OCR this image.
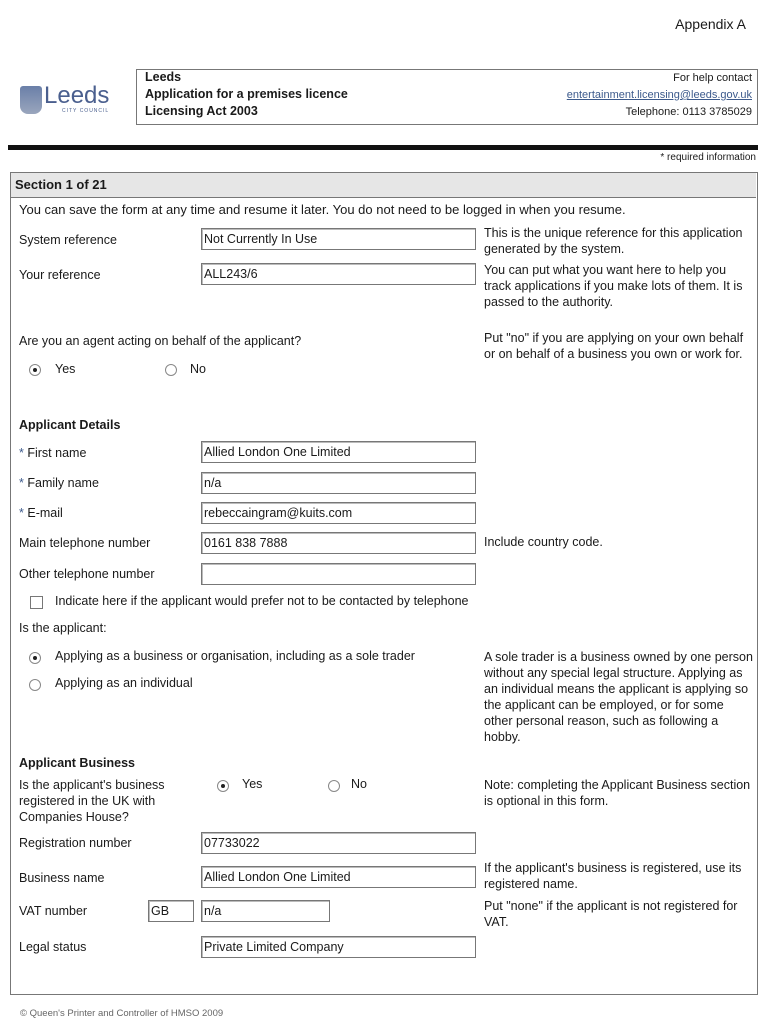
Appendix A
Leeds
CITY COUNCIL
Leeds
Application for a premises licence
Licensing Act 2003
For help contact
entertainment.licensing@leeds.gov.uk
Telephone: 0113 3785029
* required information
Section 1 of 21
You can save the form at any time and resume it later. You do not need to be logged in when you resume.
System reference	Not Currently In Use	This is the unique reference for this application generated by the system.
Your reference	ALL243/6	You can put what you want here to help you track applications if you make lots of them. It is passed to the authority.
Are you an agent acting on behalf of the applicant?	Put "no" if you are applying on your own behalf or on behalf of a business you own or work for.
Yes	No
Applicant Details
* First name	Allied London One Limited
* Family name	n/a
* E-mail	rebeccaingram@kuits.com
Main telephone number	0161 838 7888	Include country code.
Other telephone number
Indicate here if the applicant would prefer not to be contacted by telephone
Is the applicant:
Applying as a business or organisation, including as a sole trader
Applying as an individual
A sole trader is a business owned by one person without any special legal structure. Applying as an individual means the applicant is applying so the applicant can be employed, or for some other personal reason, such as following a hobby.
Applicant Business
Is the applicant's business registered in the UK with Companies House?
Yes	No	Note: completing the Applicant Business section is optional in this form.
Registration number	07733022
Business name	Allied London One Limited
If the applicant's business is registered, use its registered name.
VAT number	GB	n/a	Put "none" if the applicant is not registered for VAT.
Legal status	Private Limited Company
© Queen's Printer and Controller of HMSO 2009
